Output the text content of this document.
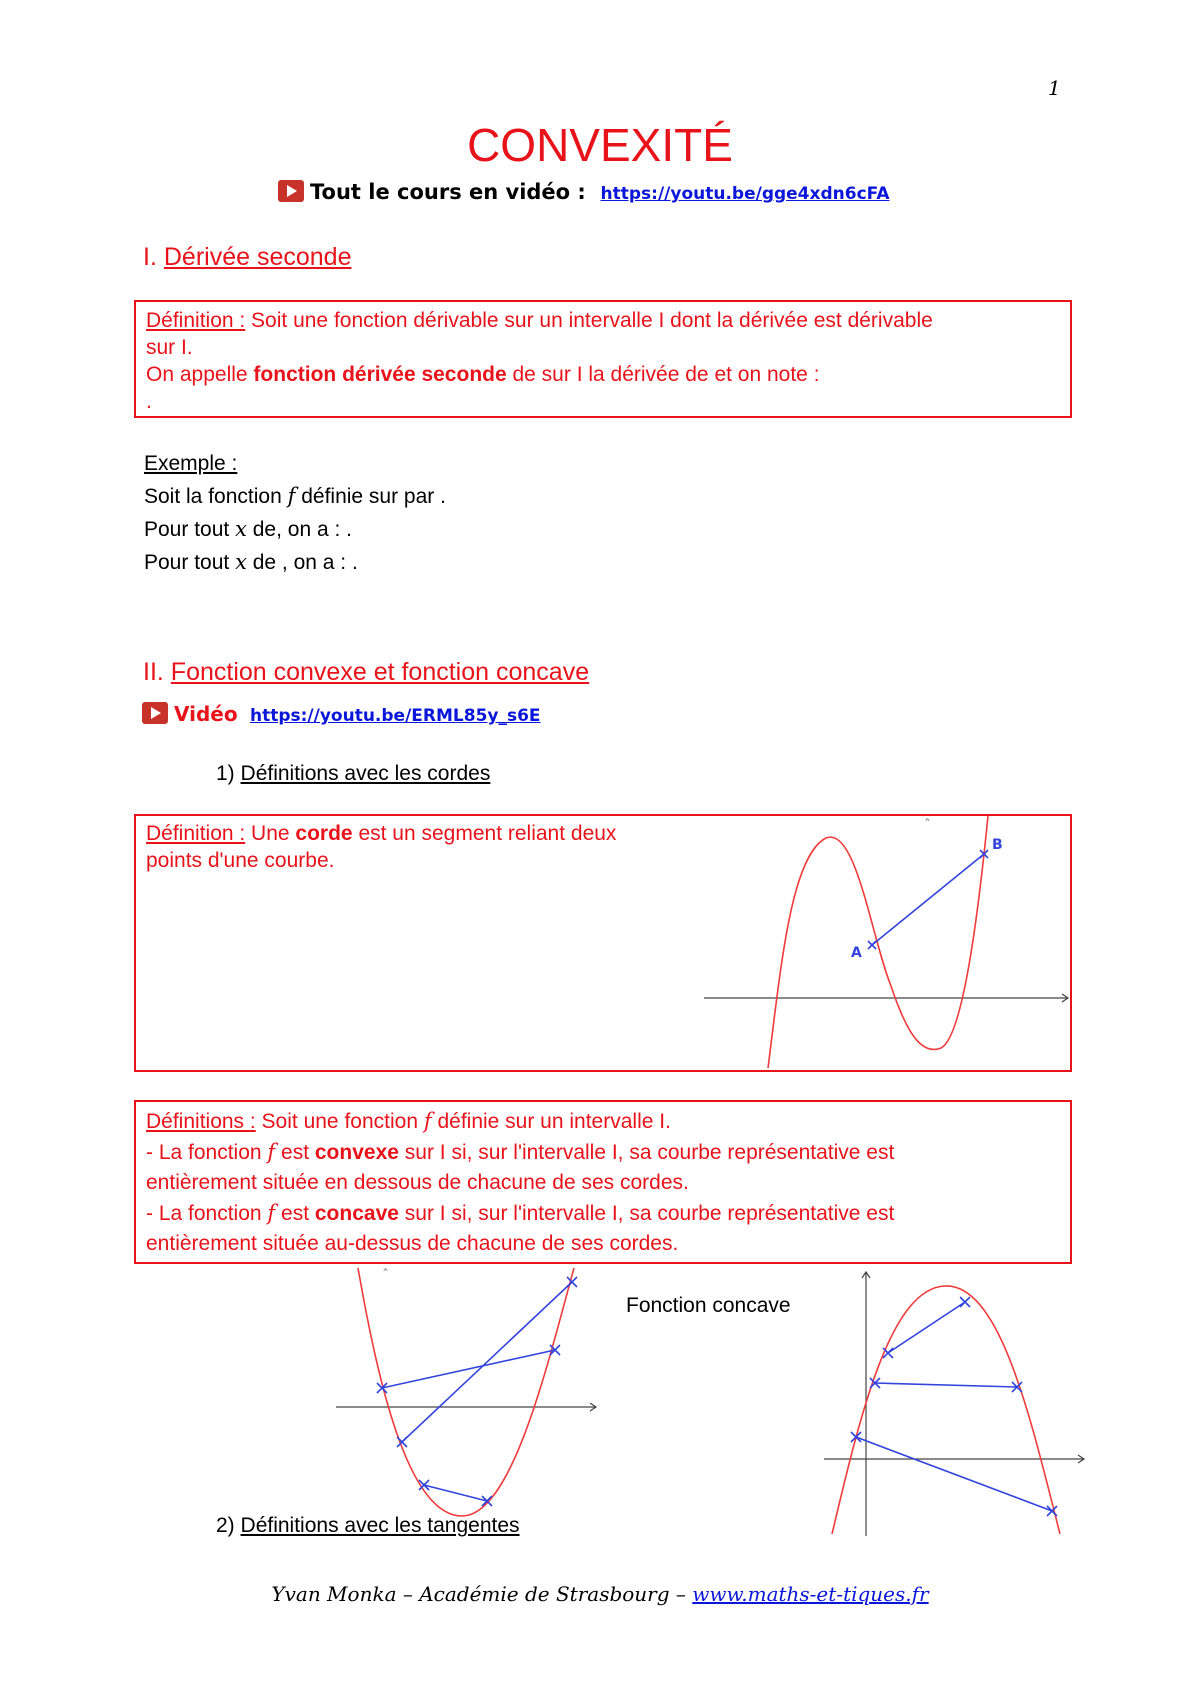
1
CONVEXITÉ
Tout le cours en vidéo : https://youtu.be/gge4xdn6cFA
I. Dérivée seconde
Définition : Soit une fonction dérivable sur un intervalle I dont la dérivée est dérivable
sur I.
On appelle fonction dérivée seconde de sur I la dérivée de et on note :
.
Exemple :
Soit la fonction f définie sur par .
Pour tout x de, on a : .
Pour tout x de , on a : .
II. Fonction convexe et fonction concave
Vidéo https://youtu.be/ERML85y_s6E
1) Définitions avec les cordes
Définition : Une corde est un segment reliant deux
points d'une courbe.
ˆ
A
B
Définitions : Soit une fonction f définie sur un intervalle I.
- La fonction f est convexe sur I si, sur l'intervalle I, sa courbe représentative est
entièrement située en dessous de chacune de ses cordes.
- La fonction f est concave sur I si, sur l'intervalle I, sa courbe représentative est
entièrement située au-dessus de chacune de ses cordes.
Fonction concave
ˆ
2) Définitions avec les tangentes
Yvan Monka – Académie de Strasbourg – www.maths-et-tiques.fr
